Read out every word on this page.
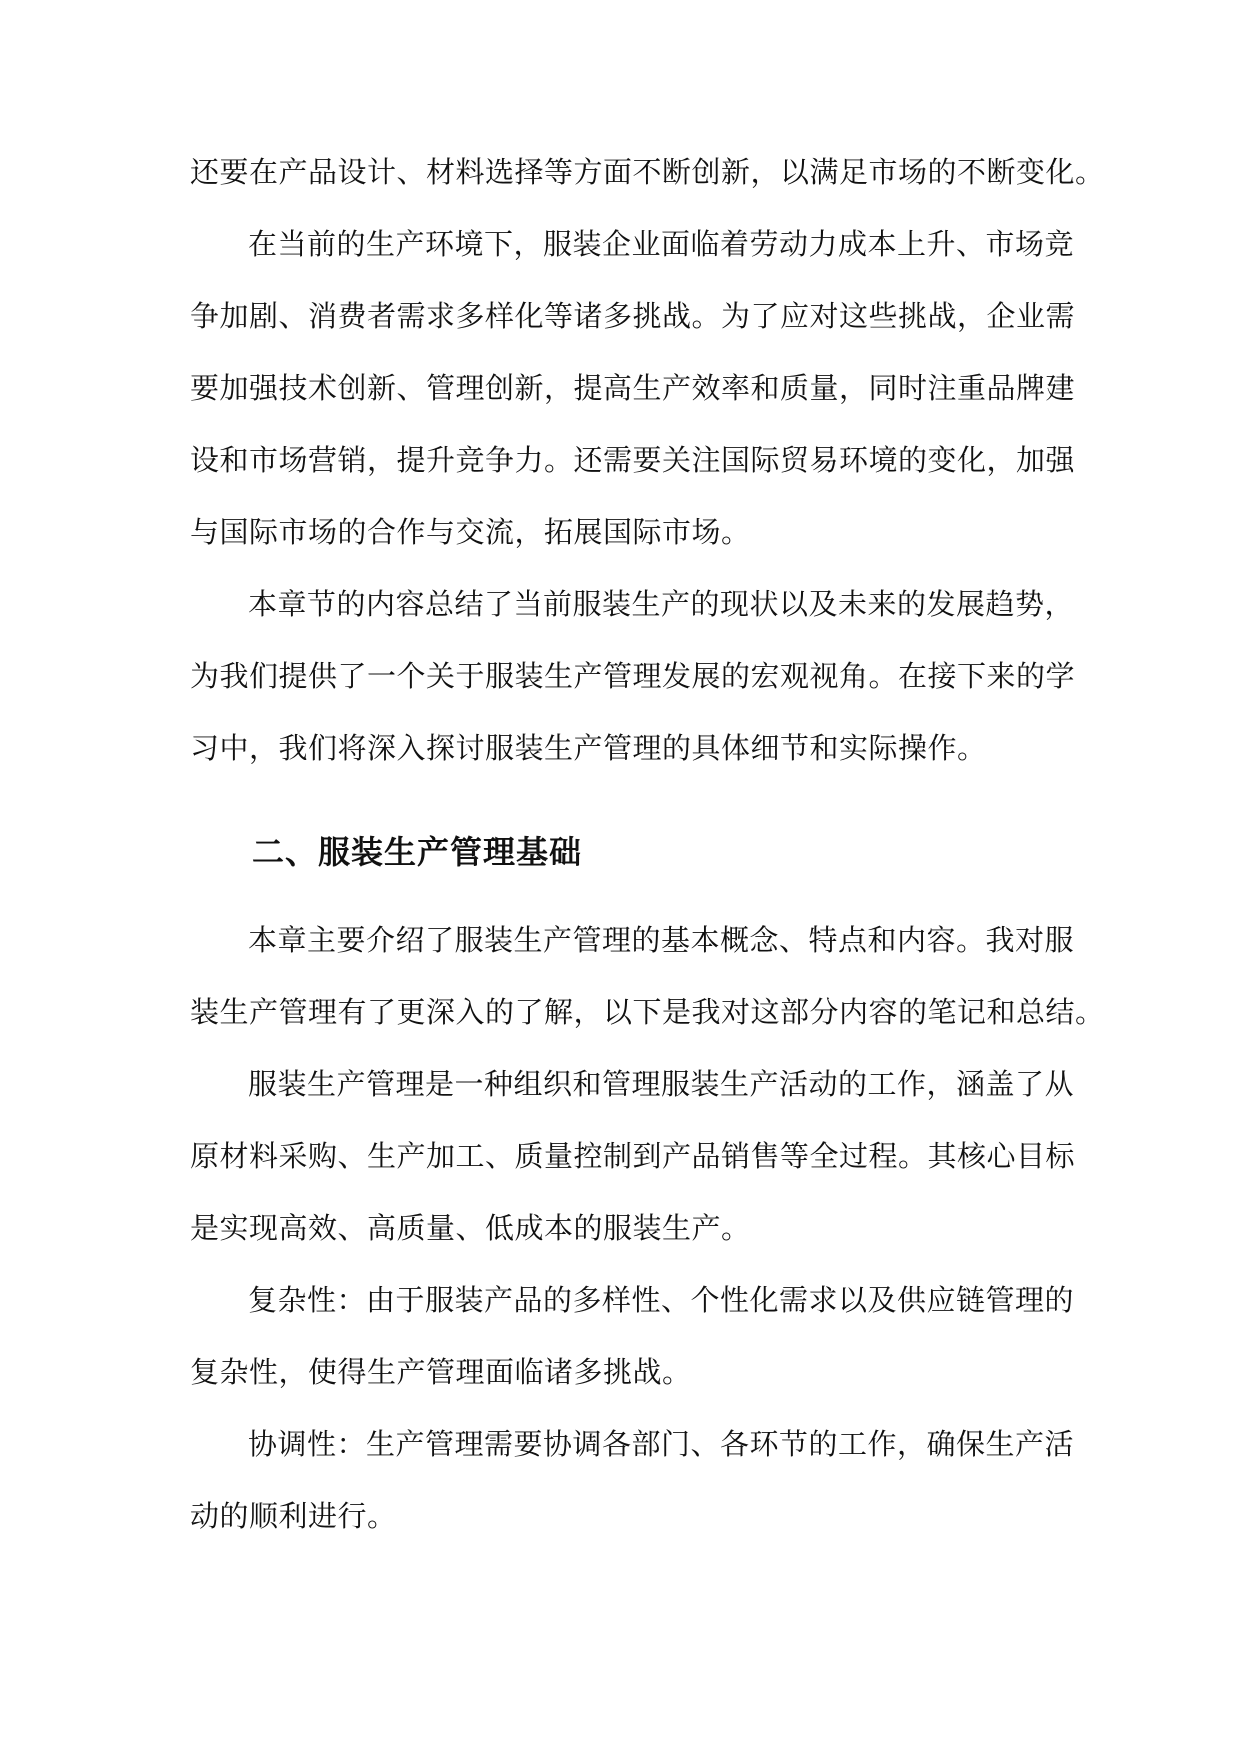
还要在产品设计、材料选择等方面不断创新，以满足市场的不断变化。
在当前的生产环境下，服装企业面临着劳动力成本上升、市场竞
争加剧、消费者需求多样化等诸多挑战。为了应对这些挑战，企业需
要加强技术创新、管理创新，提高生产效率和质量，同时注重品牌建
设和市场营销，提升竞争力。还需要关注国际贸易环境的变化，加强
与国际市场的合作与交流，拓展国际市场。
本章节的内容总结了当前服装生产的现状以及未来的发展趋势，
为我们提供了一个关于服装生产管理发展的宏观视角。在接下来的学
习中，我们将深入探讨服装生产管理的具体细节和实际操作。
二、服装生产管理基础
本章主要介绍了服装生产管理的基本概念、特点和内容。我对服
装生产管理有了更深入的了解，以下是我对这部分内容的笔记和总结。
服装生产管理是一种组织和管理服装生产活动的工作，涵盖了从
原材料采购、生产加工、质量控制到产品销售等全过程。其核心目标
是实现高效、高质量、低成本的服装生产。
复杂性：由于服装产品的多样性、个性化需求以及供应链管理的
复杂性，使得生产管理面临诸多挑战。
协调性：生产管理需要协调各部门、各环节的工作，确保生产活
动的顺利进行。
